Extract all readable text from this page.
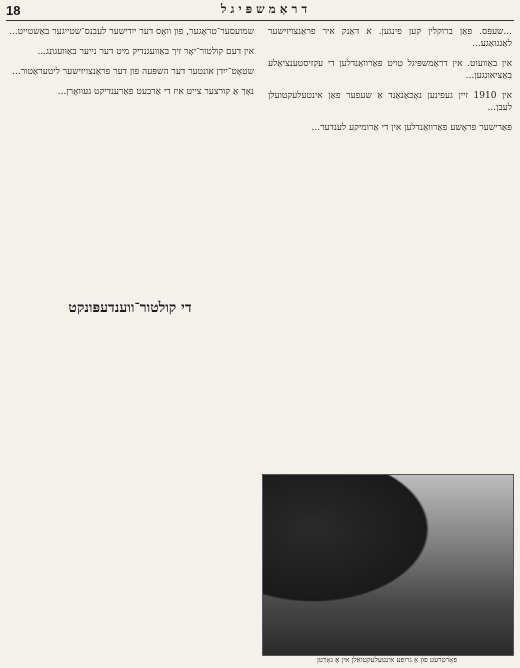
18	דראַמשפּיגל

...שעפּס. פאַן ברוקלין קען פינגען. א דאַנק איר פראַנצויזישער לאַנגואַגע...

אין באַוועוט. אין דראַמשפּיגל טויט פאַרוואַנדלען די עקזיסטענציאַלע באַציאונגען...

אין 1910 זיין געפינען נאָכאַנאַנד אַ שעפער פאַן אינטעלעקטועלן לעבן...

פּאַרישער פראָשע פאַרוואַנדלען אין די אַרומיקע לענדער...

שמועסער־טראָגער, פון וואָס דער ייִדישער לעבנס־שטייגער באַשטייט...

אין דעם קולטור־יאָר זיך באַוועגנדיק מיט דער נייער באַוועגונג...

שטאָט־ייִדן אונטער דער השפּעה פון דער פראַנצויזישער ליטעראַטור...

נאָך אַ קורצער צייט איז די אַרבעט פאַרענדיקט געוואָרן...

די קולטור־ווענדעפּונקט
פּאָרטרעט פון אַ גרופּע אינטעלעקטואַלן אין אַ גאָרטן
